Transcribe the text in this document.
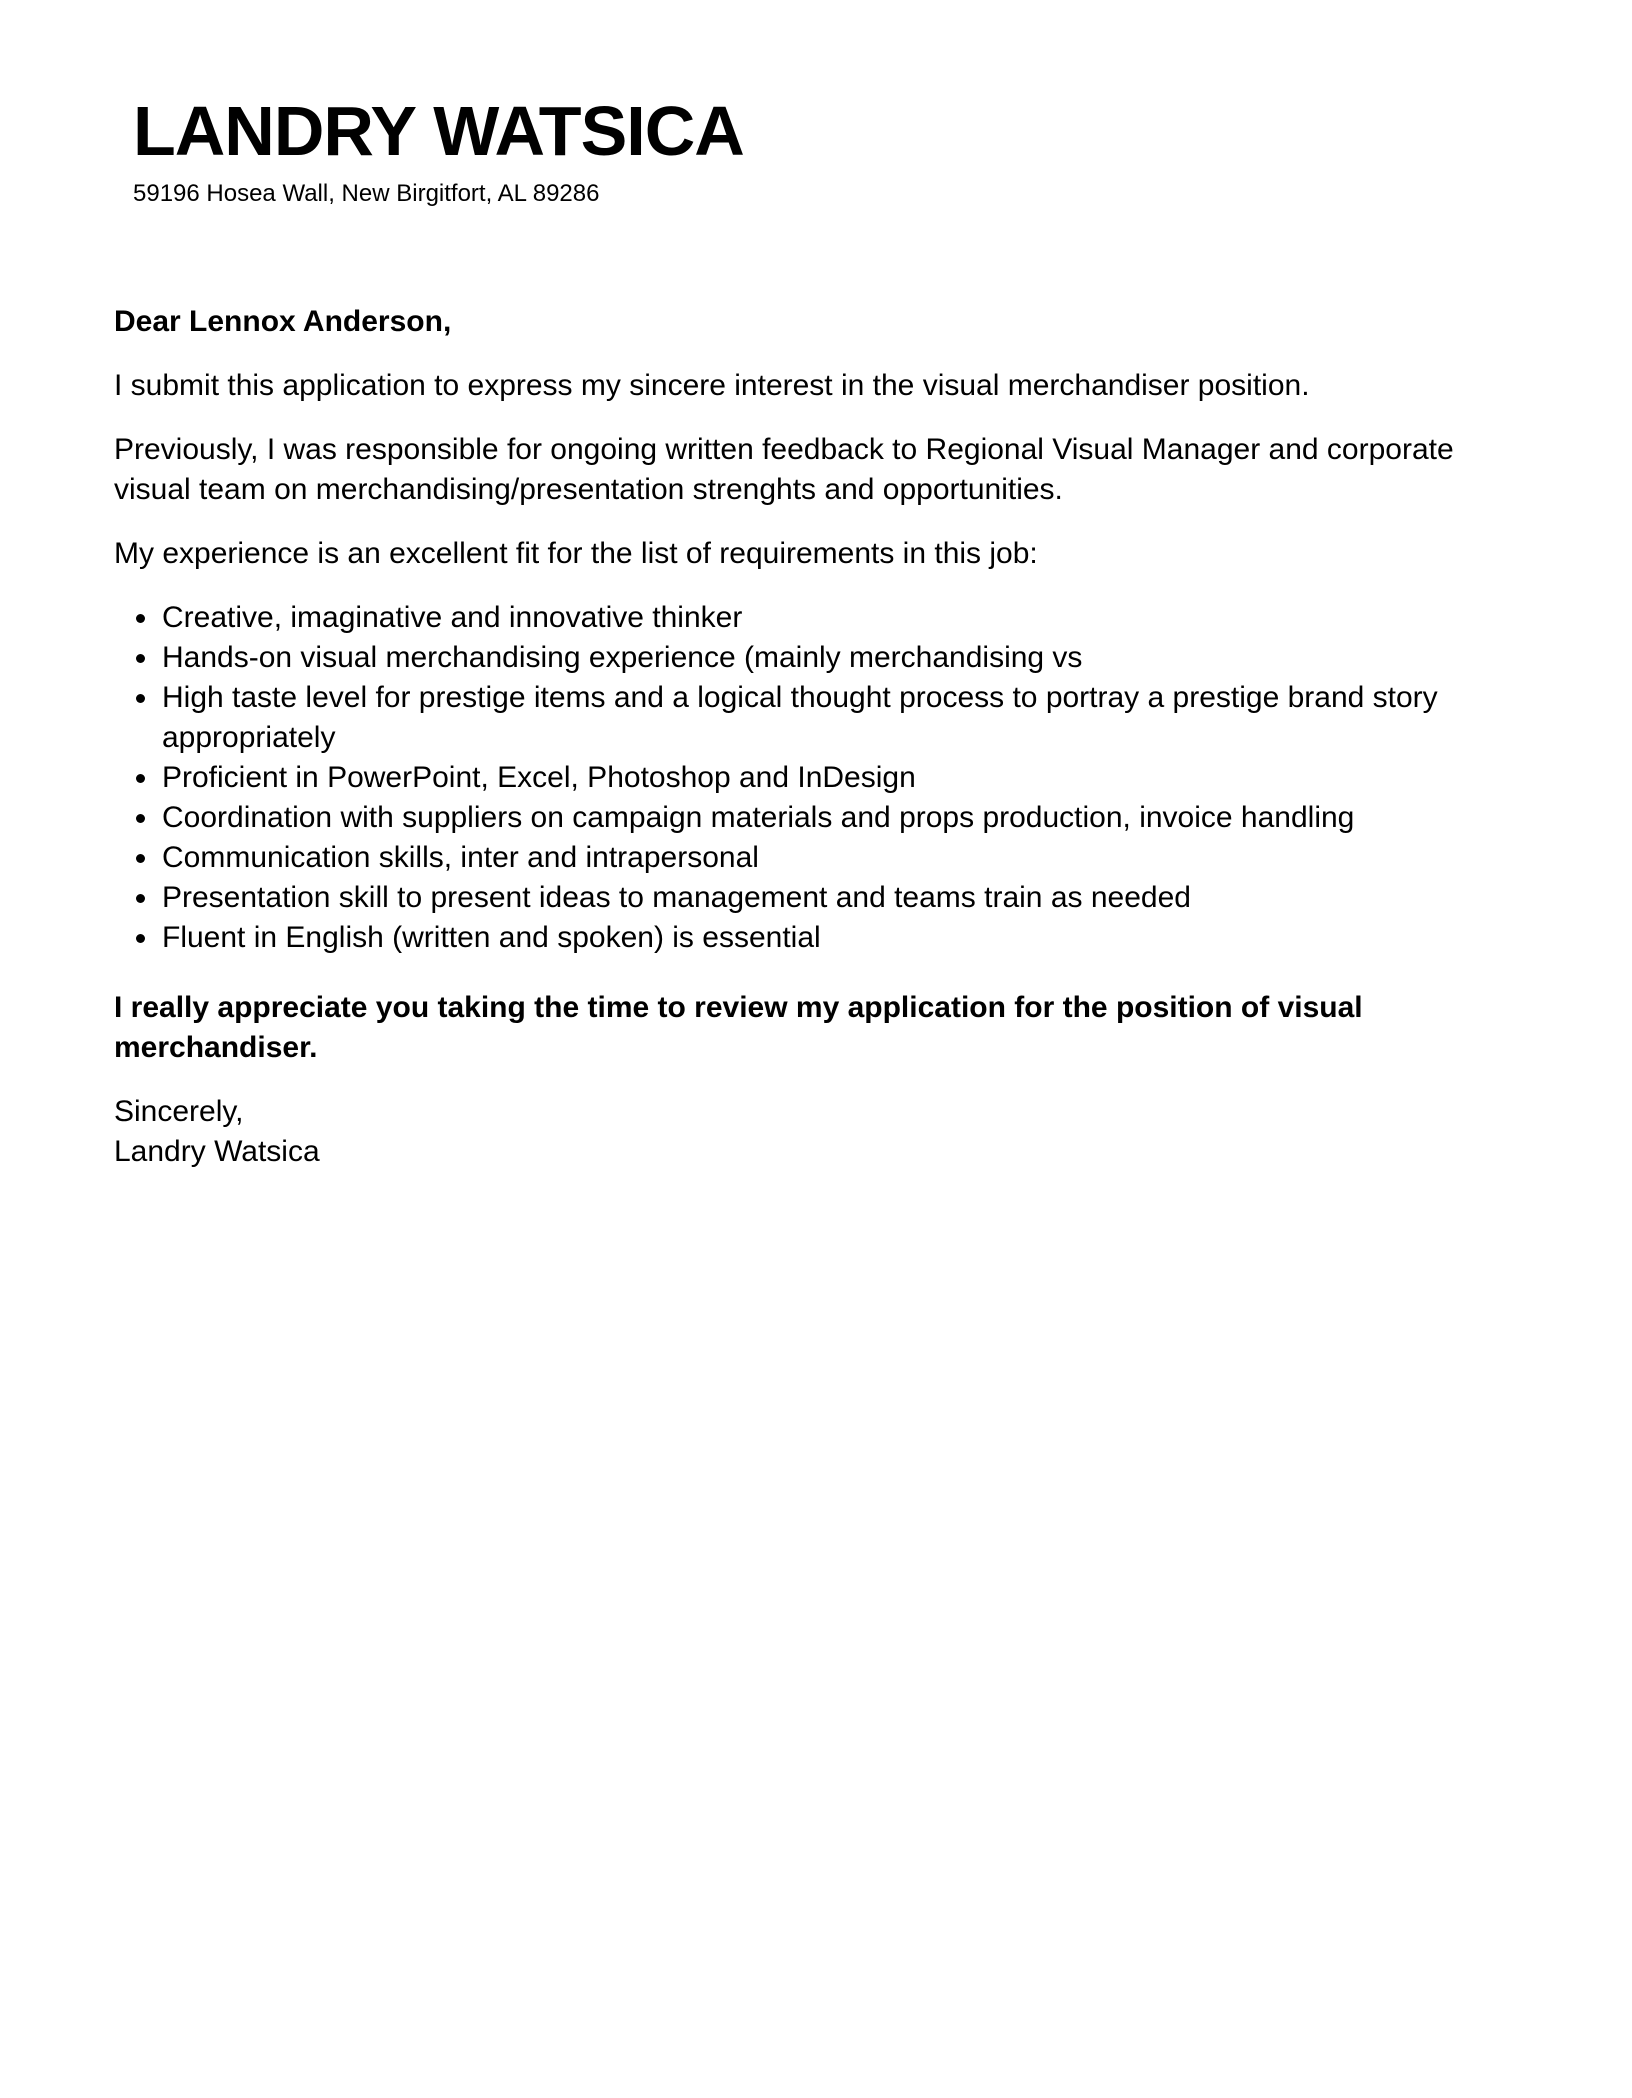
LANDRY WATSICA

59196 Hosea Wall, New Birgitfort, AL 89286

Dear Lennox Anderson,

I submit this application to express my sincere interest in the visual merchandiser position.

Previously, I was responsible for ongoing written feedback to Regional Visual Manager and corporate visual team on merchandising/presentation strenghts and opportunities.

My experience is an excellent fit for the list of requirements in this job:

Creative, imaginative and innovative thinker
Hands-on visual merchandising experience (mainly merchandising vs
High taste level for prestige items and a logical thought process to portray a prestige brand story appropriately
Proficient in PowerPoint, Excel, Photoshop and InDesign
Coordination with suppliers on campaign materials and props production, invoice handling
Communication skills, inter and intrapersonal
Presentation skill to present ideas to management and teams train as needed
Fluent in English (written and spoken) is essential

I really appreciate you taking the time to review my application for the position of visual merchandiser.

Sincerely,
Landry Watsica
